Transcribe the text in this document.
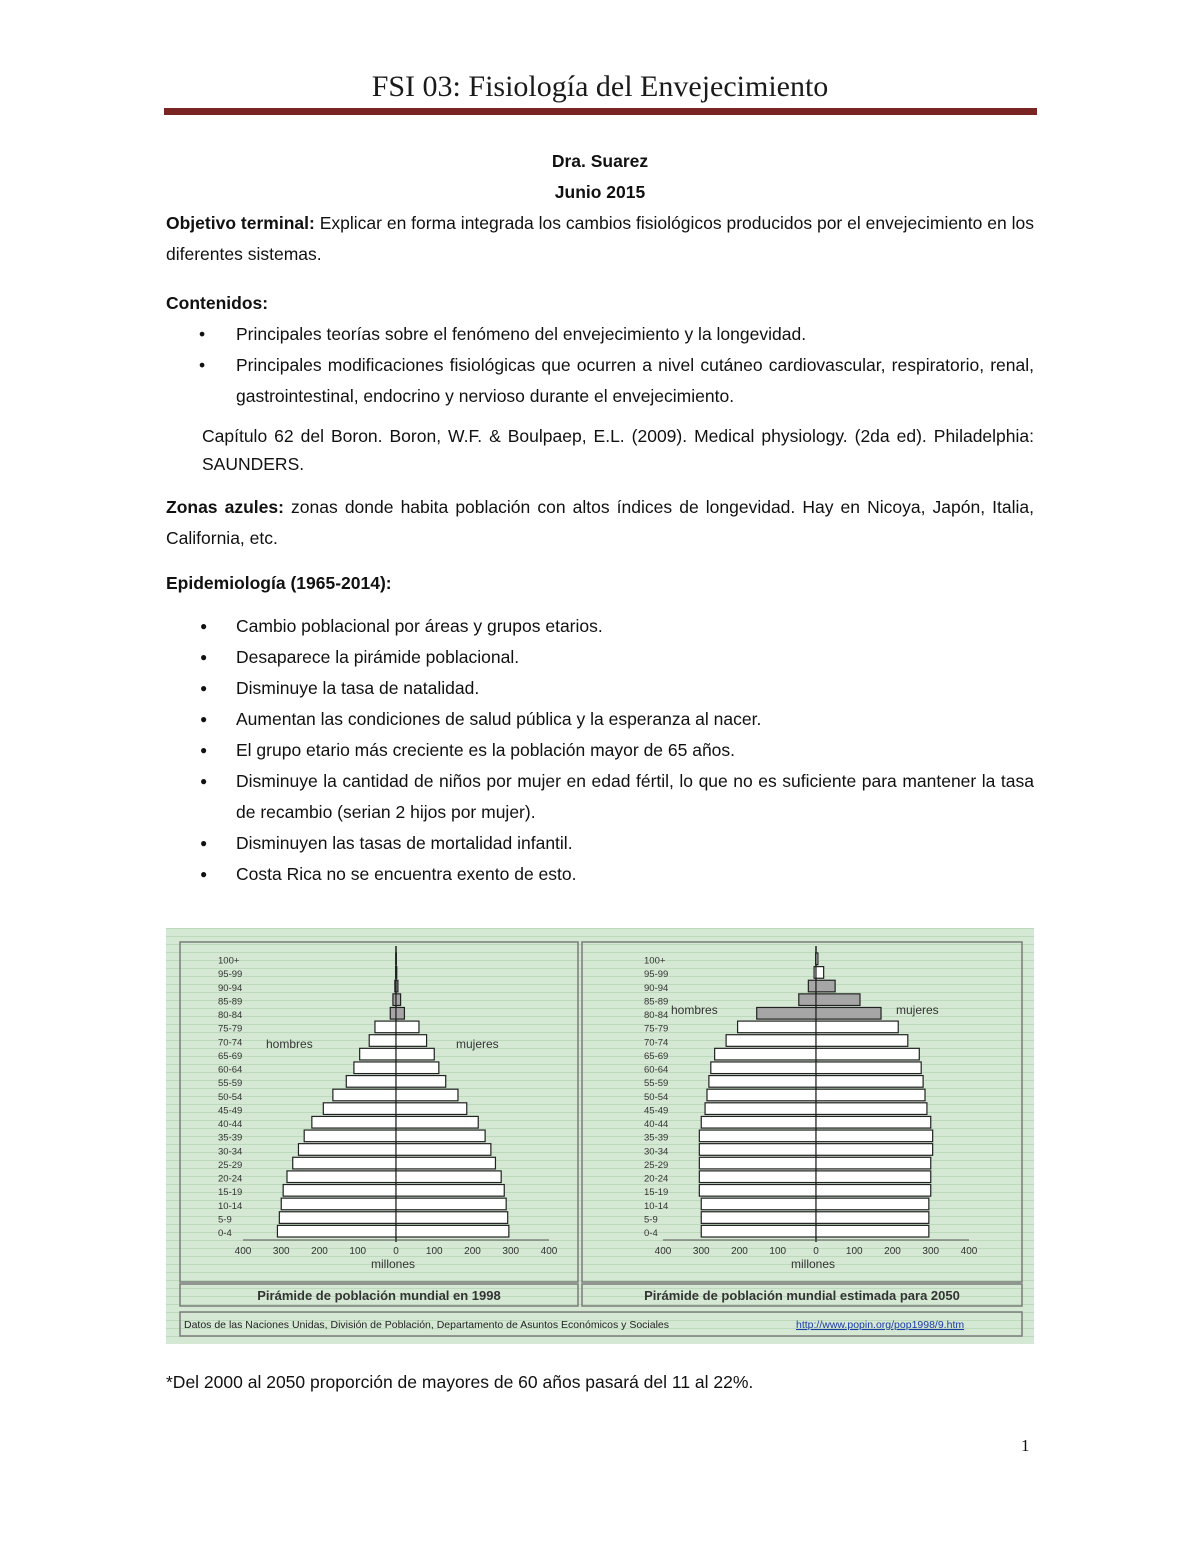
FSI 03: Fisiología del Envejecimiento

Dra. Suarez

Junio 2015

Objetivo terminal: Explicar en forma integrada los cambios fisiológicos producidos por el envejecimiento en los diferentes sistemas.

Contenidos:

• Principales teorías sobre el fenómeno del envejecimiento y la longevidad.
• Principales modificaciones fisiológicas que ocurren a nivel cutáneo cardiovascular, respiratorio, renal, gastrointestinal, endocrino y nervioso durante el envejecimiento.

Capítulo 62 del Boron. Boron, W.F. & Boulpaep, E.L. (2009). Medical physiology. (2da ed). Philadelphia: SAUNDERS.

Zonas azules: zonas donde habita población con altos índices de longevidad. Hay en Nicoya, Japón, Italia, California, etc.

Epidemiología (1965-2014):

● Cambio poblacional por áreas y grupos etarios.
● Desaparece la pirámide poblacional.
● Disminuye la tasa de natalidad.
● Aumentan las condiciones de salud pública y la esperanza al nacer.
● El grupo etario más creciente es la población mayor de 65 años.
● Disminuye la cantidad de niños por mujer en edad fértil, lo que no es suficiente para mantener la tasa de recambio (serian 2 hijos por mujer).
● Disminuyen las tasas de mortalidad infantil.
● Costa Rica no se encuentra exento de esto.
Pirámide de población mundial en 1998	Pirámide de población mundial estimada para 2050
Datos de las Naciones Unidas, División de Población, Departamento de Asuntos Económicos y Sociales	http://www.popin.org/pop1998/9.htm
0-4
5-9
10-14
15-19
20-24
25-29
30-34
35-39
40-44
45-49
50-54
55-59
60-64
65-69
70-74
75-79
80-84
85-89
90-94
95-99
100+
400 300 200 100	0	100 200 300 400
millones
hombres	mujeres
0-4
5-9
10-14
15-19
20-24
25-29
30-34
35-39
40-44
45-49
50-54
55-59
60-64
65-69
70-74
75-79
80-84
85-89
90-94
95-99
100+
400 300 200 100	0	100 200 300 400
millones
hombres	mujeres

*Del 2000 al 2050 proporción de mayores de 60 años pasará del 11 al 22%.

1
